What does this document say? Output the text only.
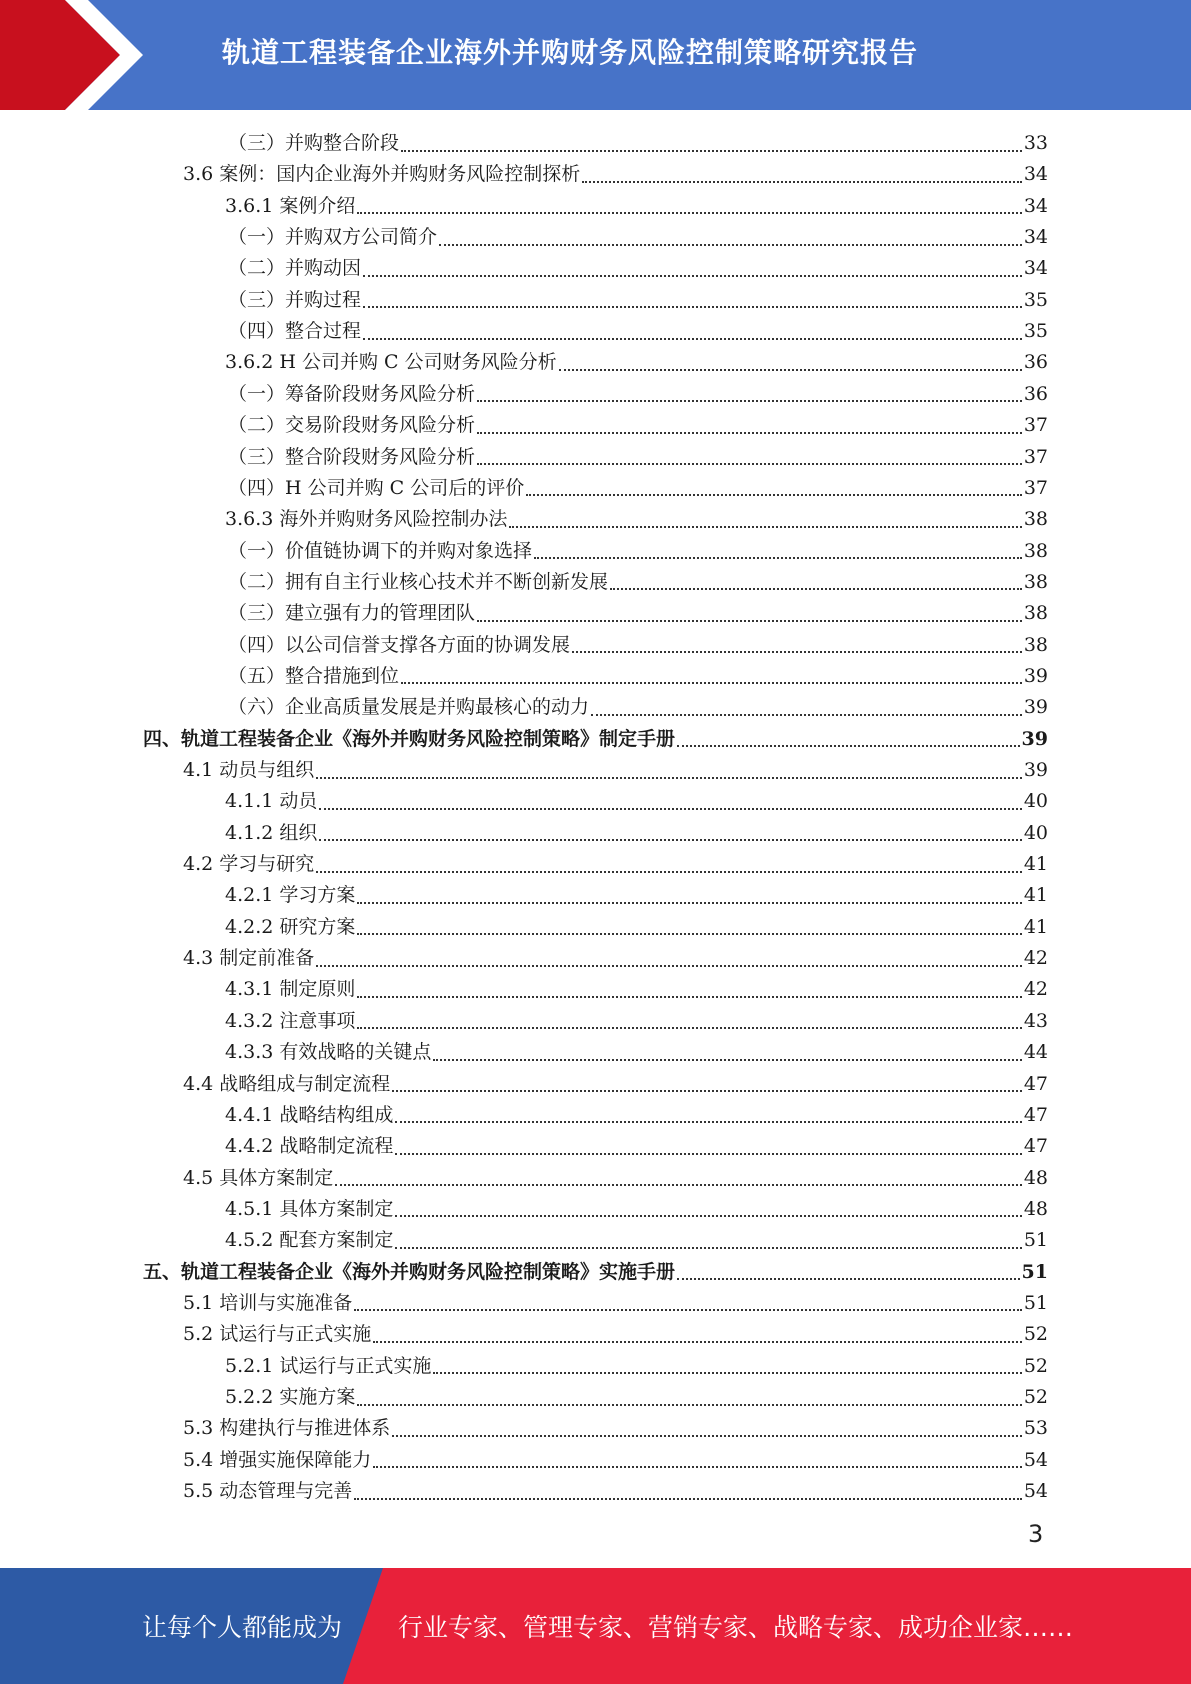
轨道工程装备企业海外并购财务风险控制策略研究报告
（三）并购整合阶段	33
3.6 案例：国内企业海外并购财务风险控制探析	34
3.6.1 案例介绍	34
（一）并购双方公司简介	34
（二）并购动因	34
（三）并购过程	35
（四）整合过程	35
3.6.2 H 公司并购 C 公司财务风险分析	36
（一）筹备阶段财务风险分析	36
（二）交易阶段财务风险分析	37
（三）整合阶段财务风险分析	37
（四）H 公司并购 C 公司后的评价	37
3.6.3 海外并购财务风险控制办法	38
（一）价值链协调下的并购对象选择	38
（二）拥有自主行业核心技术并不断创新发展	38
（三）建立强有力的管理团队	38
（四）以公司信誉支撑各方面的协调发展	38
（五）整合措施到位	39
（六）企业高质量发展是并购最核心的动力	39
四、轨道工程装备企业《海外并购财务风险控制策略》制定手册	39
4.1 动员与组织	39
4.1.1 动员	40
4.1.2 组织	40
4.2 学习与研究	41
4.2.1 学习方案	41
4.2.2 研究方案	41
4.3 制定前准备	42
4.3.1 制定原则	42
4.3.2 注意事项	43
4.3.3 有效战略的关键点	44
4.4 战略组成与制定流程	47
4.4.1 战略结构组成	47
4.4.2 战略制定流程	47
4.5 具体方案制定	48
4.5.1 具体方案制定	48
4.5.2 配套方案制定	51
五、轨道工程装备企业《海外并购财务风险控制策略》实施手册	51
5.1 培训与实施准备	51
5.2 试运行与正式实施	52
5.2.1 试运行与正式实施	52
5.2.2 实施方案	52
5.3 构建执行与推进体系	53
5.4 增强实施保障能力	54
5.5 动态管理与完善	54
3
让每个人都能成为 行业专家、管理专家、营销专家、战略专家、成功企业家……
